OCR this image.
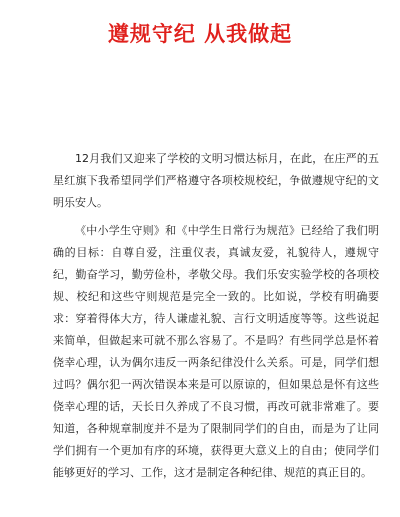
遵规守纪 从我做起

12月我们又迎来了学校的文明习惯达标月，在此，在庄严的五星红旗下我希望同学们严格遵守各项校规校纪，争做遵规守纪的文明乐安人。

《中小学生守则》和《中学生日常行为规范》已经给了我们明确的目标：自尊自爱，注重仪表，真诚友爱，礼貌待人，遵规守纪，勤奋学习，勤劳俭朴，孝敬父母。我们乐安实验学校的各项校规、校纪和这些守则规范是完全一致的。比如说，学校有明确要求：穿着得体大方，待人谦虚礼貌、言行文明适度等等。这些说起来简单，但做起来可就不那么容易了。不是吗？有些同学总是怀着侥幸心理，认为偶尔违反一两条纪律没什么关系。可是，同学们想过吗？偶尔犯一两次错误本来是可以原谅的，但如果总是怀有这些侥幸心理的话，天长日久养成了不良习惯，再改可就非常难了。要知道，各种规章制度并不是为了限制同学们的自由，而是为了让同学们拥有一个更加有序的环境，获得更大意义上的自由；使同学们能够更好的学习、工作，这才是制定各种纪律、规范的真正目的。
